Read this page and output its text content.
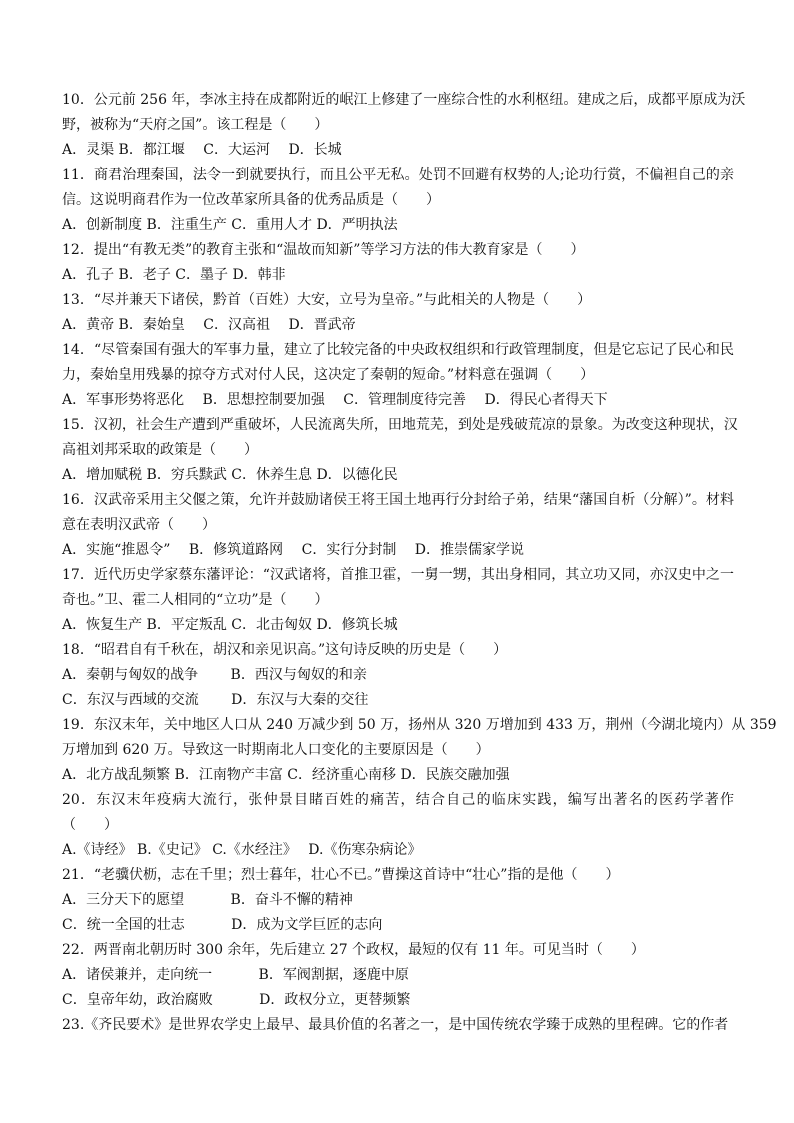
10．公元前 256 年，李冰主持在成都附近的岷江上修建了一座综合性的水利枢纽。建成之后，成都平原成为沃
野，被称为“天府之国”。该工程是（　　）
A．灵渠 B．都江堰　 C．大运河　 D．长城
11．商君治理秦国，法令一到就要执行，而且公平无私。处罚不回避有权势的人;论功行赏，不偏袒自己的亲
信。这说明商君作为一位改革家所具备的优秀品质是（　　）
A．创新制度 B．注重生产 C．重用人才 D．严明执法
12．提出“有教无类”的教育主张和“温故而知新”等学习方法的伟大教育家是（　　）
A．孔子 B．老子 C．墨子 D．韩非
13．“尽并兼天下诸侯，黔首（百姓）大安，立号为皇帝。”与此相关的人物是（　　）
A．黄帝 B．秦始皇　 C．汉高祖　 D．晋武帝
14．“尽管秦国有强大的军事力量，建立了比较完备的中央政权组织和行政管理制度，但是它忘记了民心和民
力，秦始皇用残暴的掠夺方式对付人民，这决定了秦朝的短命。”材料意在强调（　　）
A．军事形势将恶化　 B．思想控制要加强　 C．管理制度待完善　 D．得民心者得天下
15．汉初，社会生产遭到严重破坏，人民流离失所，田地荒芜，到处是残破荒凉的景象。为改变这种现状，汉
高祖刘邦采取的政策是（　　）
A．增加赋税 B．穷兵黩武 C．休养生息 D．以德化民
16．汉武帝采用主父偃之策，允许并鼓励诸侯王将王国土地再行分封给子弟，结果“藩国自析（分解）”。材料
意在表明汉武帝（　　）
A．实施“推恩令”　 B．修筑道路网　 C．实行分封制　 D．推崇儒家学说
17．近代历史学家蔡东藩评论：“汉武诸将，首推卫霍，一舅一甥，其出身相同，其立功又同，亦汉史中之一
奇也。”卫、霍二人相同的“立功”是（　　）
A．恢复生产 B．平定叛乱 C．北击匈奴 D．修筑长城
18．“昭君自有千秋在，胡汉和亲见识高。”这句诗反映的历史是（　　）
A．秦朝与匈奴的战争　　 B．西汉与匈奴的和亲
C．东汉与西域的交流　　 D．东汉与大秦的交往
19．东汉末年，关中地区人口从 240 万减少到 50 万，扬州从 320 万增加到 433 万，荆州（今湖北境内）从 359
万增加到 620 万。导致这一时期南北人口变化的主要原因是（　　）
A．北方战乱频繁 B．江南物产丰富 C．经济重心南移 D．民族交融加强
20．东汉末年疫病大流行，张仲景目睹百姓的痛苦，结合自己的临床实践，编写出著名的医药学著作
（　　）
A.《诗经》 B.《史记》 C.《水经注》　 D.《伤寒杂病论》
21．“老骥伏枥，志在千里；烈士暮年，壮心不已。”曹操这首诗中“壮心”指的是他（　　）
A．三分天下的愿望　　　 B．奋斗不懈的精神
C．统一全国的壮志　　　 D．成为文学巨匠的志向
22．两晋南北朝历时 300 余年，先后建立 27 个政权，最短的仅有 11 年。可见当时（　　）
A．诸侯兼并，走向统一　　　 B．军阀割据，逐鹿中原
C．皇帝年幼，政治腐败　　　 D．政权分立，更替频繁
23.《齐民要术》是世界农学史上最早、最具价值的名著之一，是中国传统农学臻于成熟的里程碑。它的作者
